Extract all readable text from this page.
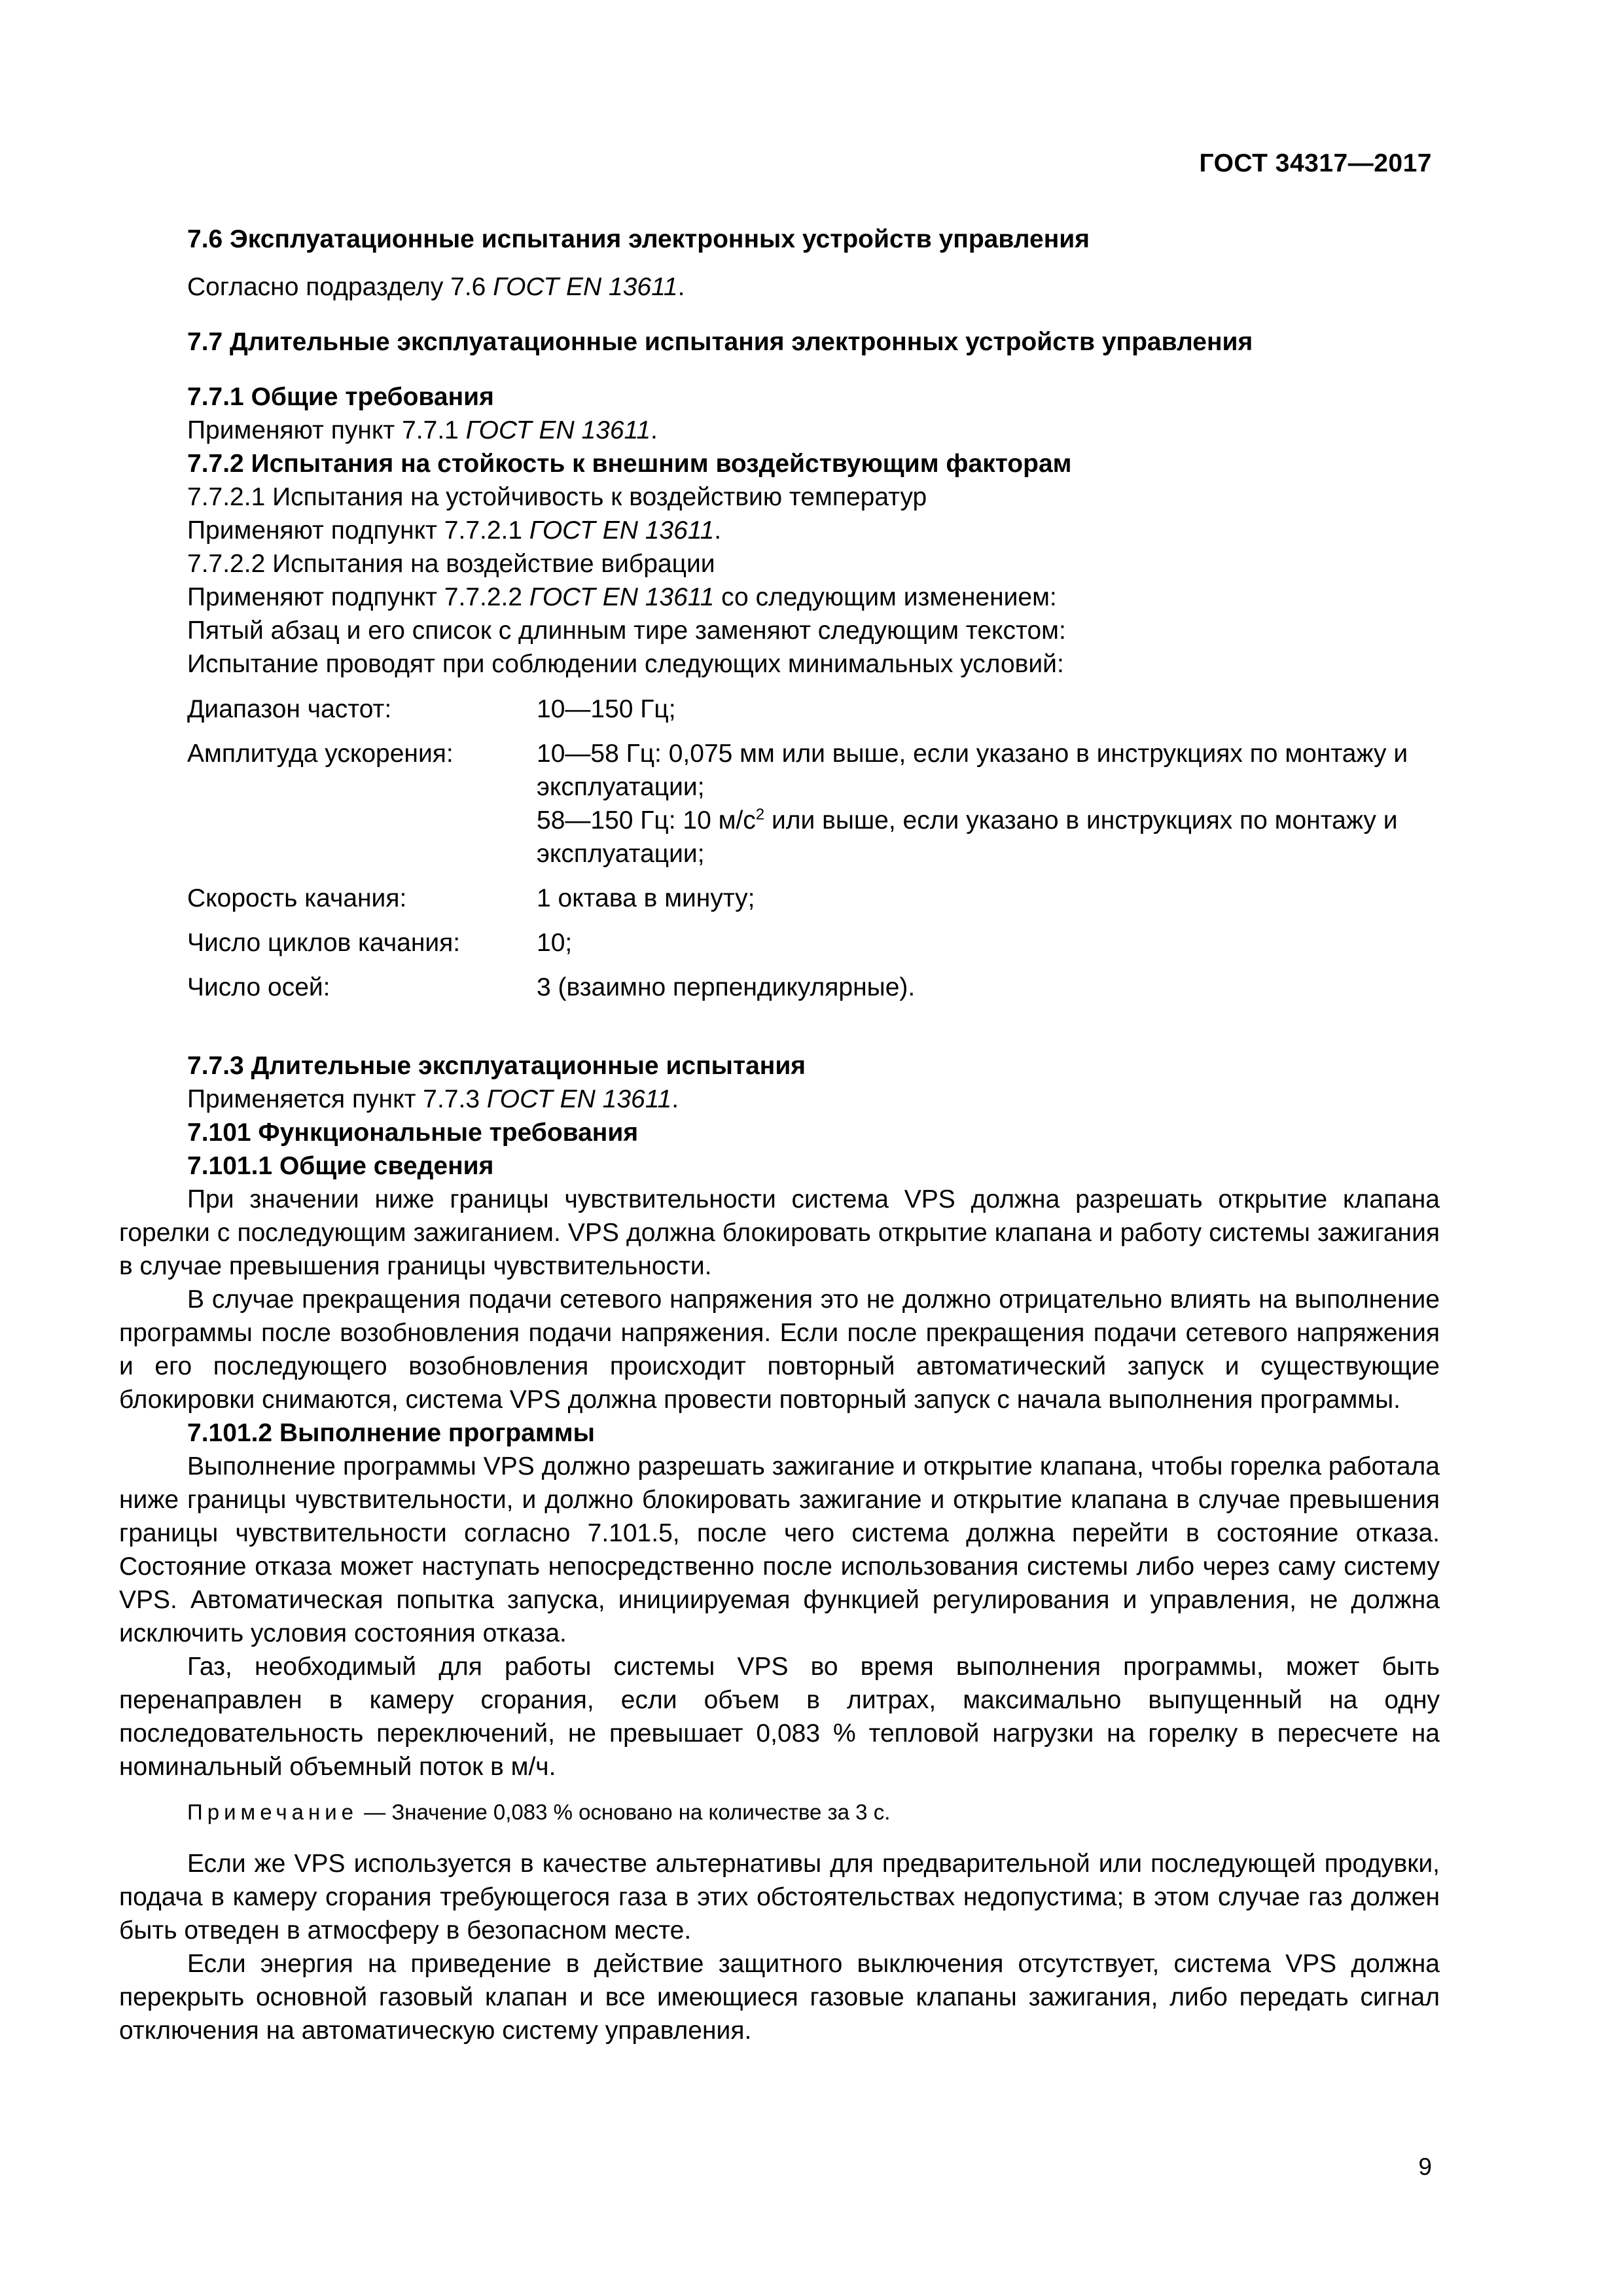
ГОСТ 34317—2017

7.6 Эксплуатационные испытания электронных устройств управления

Согласно подразделу 7.6 ГОСТ EN 13611.

7.7 Длительные эксплуатационные испытания электронных устройств управления

7.7.1 Общие требования

Применяют пункт 7.7.1 ГОСТ EN 13611.

7.7.2 Испытания на стойкость к внешним воздействующим факторам

7.7.2.1 Испытания на устойчивость к воздействию температур

Применяют подпункт 7.7.2.1 ГОСТ EN 13611.

7.7.2.2 Испытания на воздействие вибрации

Применяют подпункт 7.7.2.2 ГОСТ EN 13611 со следующим изменением:

Пятый абзац и его список с длинным тире заменяют следующим текстом:

Испытание проводят при соблюдении следующих минимальных условий:

Диапазон частот:	10—150 Гц;
Амплитуда ускорения:	10—58 Гц: 0,075 мм или выше, если указано в инструкциях по монтажу и эксплуатации;
58—150 Гц: 10 $м/с^2$ или выше, если указано в инструкциях по монтажу и эксплуатации;
Скорость качания:	1 октава в минуту;
Число циклов качания:	10;
Число осей:	3 (взаимно перпендикулярные).

7.7.3 Длительные эксплуатационные испытания

Применяется пункт 7.7.3 ГОСТ EN 13611.

7.101 Функциональные требования

7.101.1 Общие сведения

При значении ниже границы чувствительности система VPS должна разрешать открытие клапана горелки с последующим зажиганием. VPS должна блокировать открытие клапана и работу системы зажигания в случае превышения границы чувствительности.

В случае прекращения подачи сетевого напряжения это не должно отрицательно влиять на выполнение программы после возобновления подачи напряжения. Если после прекращения подачи сетевого напряжения и его последующего возобновления происходит повторный автоматический запуск и существующие блокировки снимаются, система VPS должна провести повторный запуск с начала выполнения программы.

7.101.2 Выполнение программы

Выполнение программы VPS должно разрешать зажигание и открытие клапана, чтобы горелка работала ниже границы чувствительности, и должно блокировать зажигание и открытие клапана в случае превышения границы чувствительности согласно 7.101.5, после чего система должна перейти в состояние отказа. Состояние отказа может наступать непосредственно после использования системы либо через саму систему VPS. Автоматическая попытка запуска, инициируемая функцией регулирования и управления, не должна исключить условия состояния отказа.

Газ, необходимый для работы системы VPS во время выполнения программы, может быть перенаправлен в камеру сгорания, если объем в литрах, максимально выпущенный на одну последовательность переключений, не превышает 0,083 % тепловой нагрузки на горелку в пересчете на номинальный объемный поток в м/ч.

Примечание — Значение 0,083 % основано на количестве за 3 с.

Если же VPS используется в качестве альтернативы для предварительной или последующей продувки, подача в камеру сгорания требующегося газа в этих обстоятельствах недопустима; в этом случае газ должен быть отведен в атмосферу в безопасном месте.

Если энергия на приведение в действие защитного выключения отсутствует, система VPS должна перекрыть основной газовый клапан и все имеющиеся газовые клапаны зажигания, либо передать сигнал отключения на автоматическую систему управления.

9
